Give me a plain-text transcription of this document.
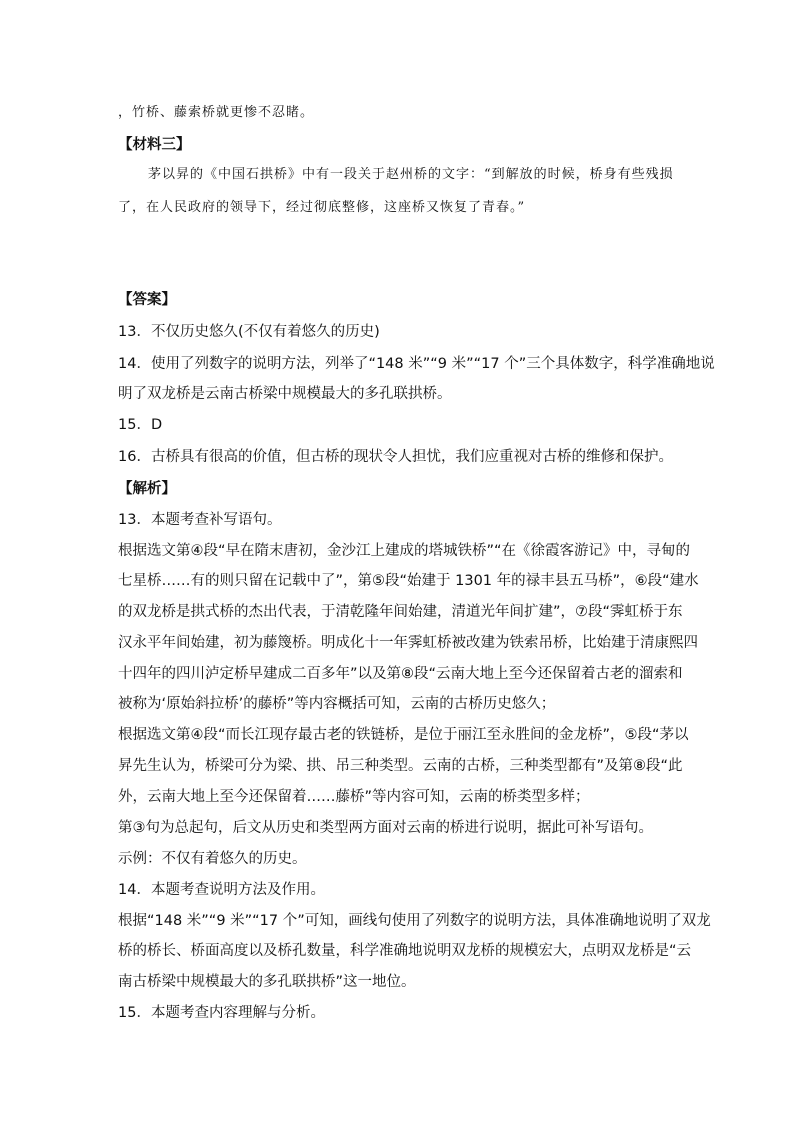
，竹桥、藤索桥就更惨不忍睹。
【材料三】
茅以昇的《中国石拱桥》中有一段关于赵州桥的文字：“到解放的时候，桥身有些残损
了，在人民政府的领导下，经过彻底整修，这座桥又恢复了青春。”
【答案】
13．不仅历史悠久(不仅有着悠久的历史)
14．使用了列数字的说明方法，列举了“148 米”“9 米”“17 个”三个具体数字，科学准确地说
明了双龙桥是云南古桥梁中规模最大的多孔联拱桥。
15．D
16．古桥具有很高的价值，但古桥的现状令人担忧，我们应重视对古桥的维修和保护。
【解析】
13．本题考查补写语句。
根据选文第④段“早在隋末唐初，金沙江上建成的塔城铁桥”“在《徐霞客游记》中，寻甸的
七星桥……有的则只留在记载中了”，第⑤段“始建于 1301 年的禄丰县五马桥”，⑥段“建水
的双龙桥是拱式桥的杰出代表，于清乾隆年间始建，清道光年间扩建”，⑦段“霁虹桥于东
汉永平年间始建，初为藤篾桥。明成化十一年霁虹桥被改建为铁索吊桥，比始建于清康熙四
十四年的四川泸定桥早建成二百多年”以及第⑧段“云南大地上至今还保留着古老的溜索和
被称为‘原始斜拉桥’的藤桥”等内容概括可知，云南的古桥历史悠久；
根据选文第④段“而长江现存最古老的铁链桥，是位于丽江至永胜间的金龙桥”，⑤段“茅以
昇先生认为，桥梁可分为梁、拱、吊三种类型。云南的古桥，三种类型都有”及第⑧段“此
外，云南大地上至今还保留着……藤桥”等内容可知，云南的桥类型多样；
第③句为总起句，后文从历史和类型两方面对云南的桥进行说明，据此可补写语句。
示例：不仅有着悠久的历史。
14．本题考查说明方法及作用。
根据“148 米”“9 米”“17 个”可知，画线句使用了列数字的说明方法，具体准确地说明了双龙
桥的桥长、桥面高度以及桥孔数量，科学准确地说明双龙桥的规模宏大，点明双龙桥是“云
南古桥梁中规模最大的多孔联拱桥”这一地位。
15．本题考查内容理解与分析。
